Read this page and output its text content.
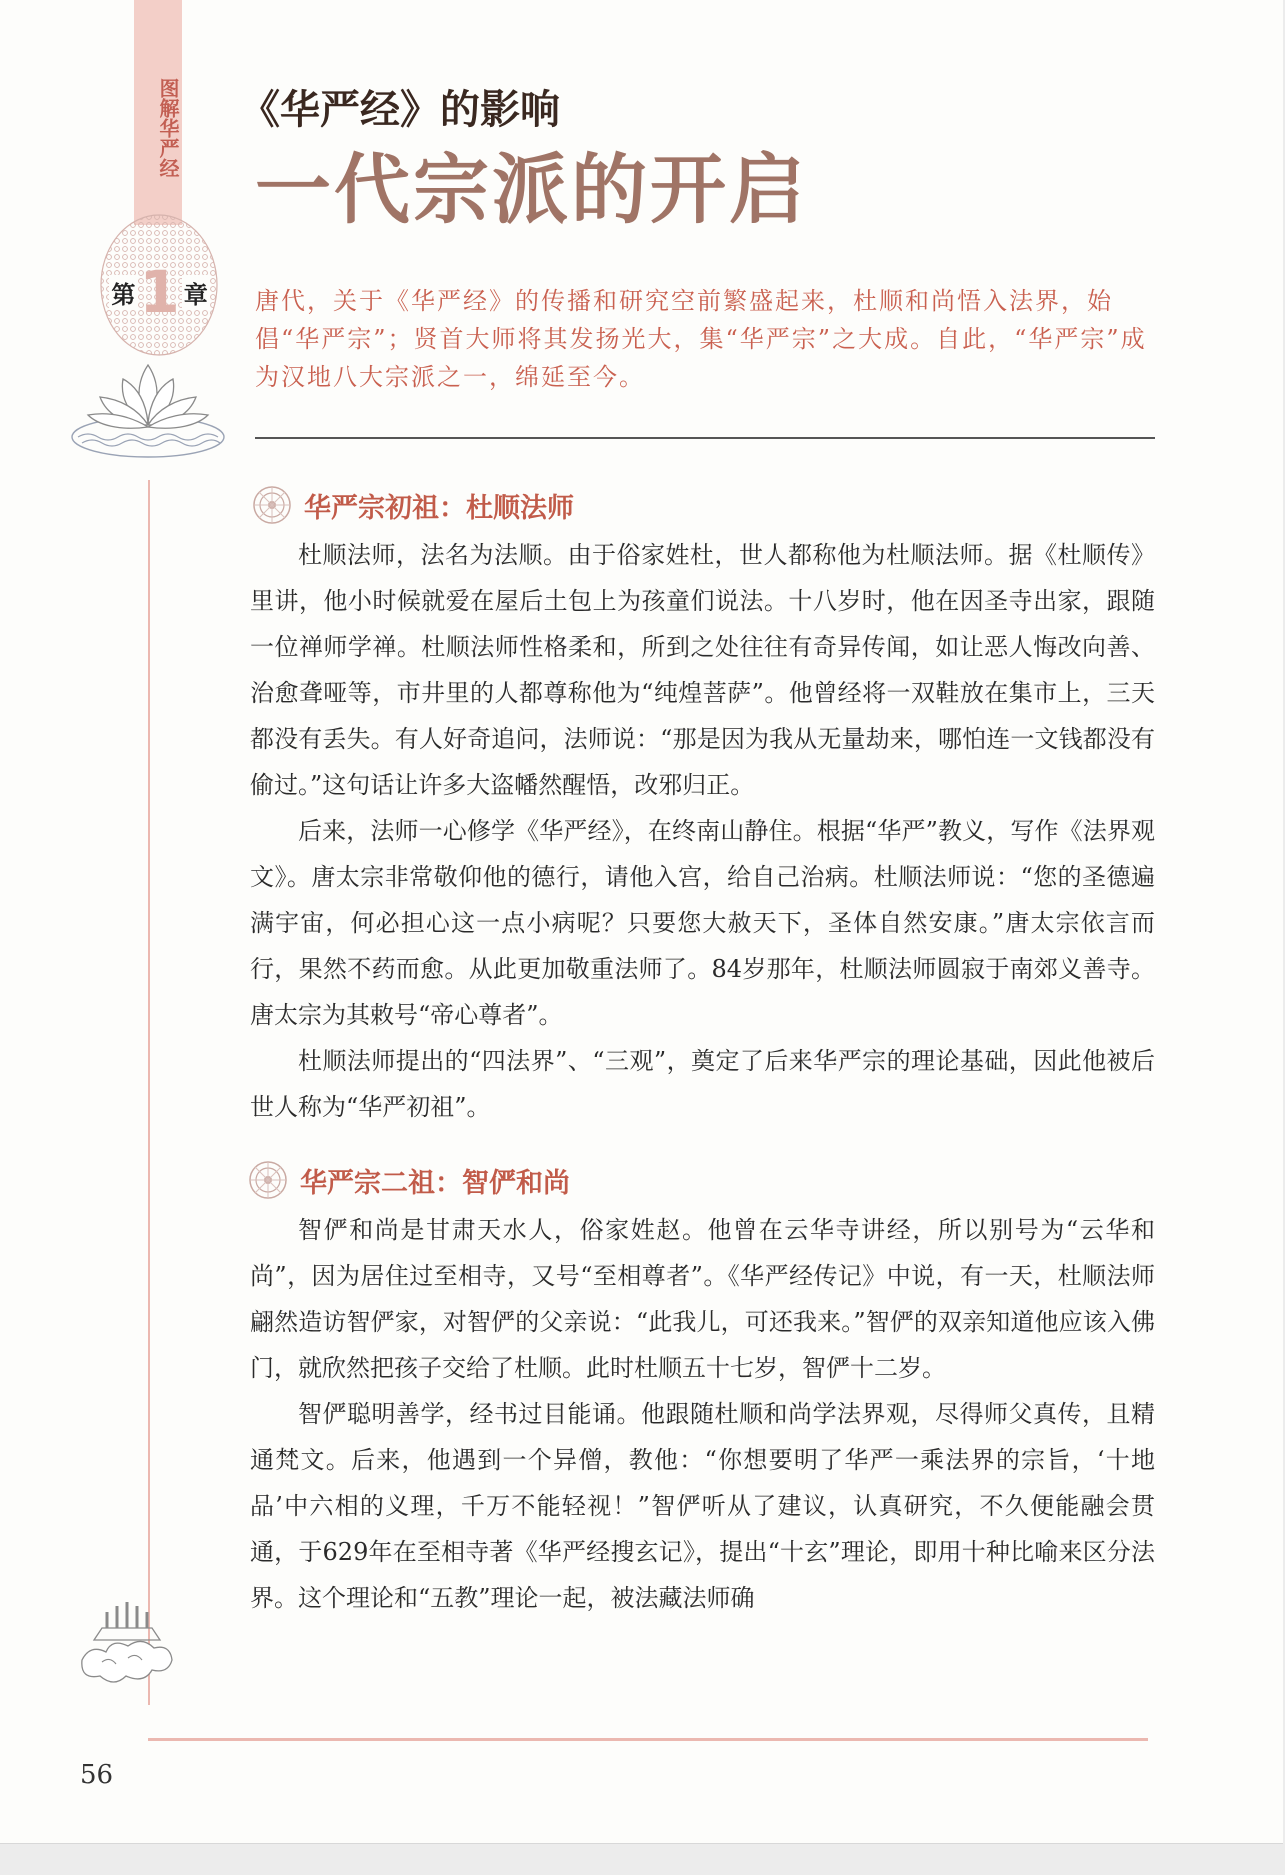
图解华严经
第 1 章
《华严经》的影响
一代宗派的开启

唐代，关于《华严经》的传播和研究空前繁盛起来，杜顺和尚悟入法界，始倡“华严宗”；贤首大师将其发扬光大，集“华严宗”之大成。自此，“华严宗”成为汉地八大宗派之一，绵延至今。

华严宗初祖：杜顺法师

杜顺法师，法名为法顺。由于俗家姓杜，世人都称他为杜顺法师。据《杜顺传》里讲，他小时候就爱在屋后土包上为孩童们说法。十八岁时，他在因圣寺出家，跟随一位禅师学禅。杜顺法师性格柔和，所到之处往往有奇异传闻，如让恶人悔改向善、治愈聋哑等，市井里的人都尊称他为“纯煌菩萨”。他曾经将一双鞋放在集市上，三天都没有丢失。有人好奇追问，法师说：“那是因为我从无量劫来，哪怕连一文钱都没有偷过。”这句话让许多大盗幡然醒悟，改邪归正。

后来，法师一心修学《华严经》，在终南山静住。根据“华严”教义，写作《法界观文》。唐太宗非常敬仰他的德行，请他入宫，给自己治病。杜顺法师说：“您的圣德遍满宇宙，何必担心这一点小病呢？只要您大赦天下，圣体自然安康。”唐太宗依言而行，果然不药而愈。从此更加敬重法师了。84岁那年，杜顺法师圆寂于南郊义善寺。唐太宗为其敕号“帝心尊者”。

杜顺法师提出的“四法界”、“三观”，奠定了后来华严宗的理论基础，因此他被后世人称为“华严初祖”。

华严宗二祖：智俨和尚

智俨和尚是甘肃天水人，俗家姓赵。他曾在云华寺讲经，所以别号为“云华和尚”，因为居住过至相寺，又号“至相尊者”。《华严经传记》中说，有一天，杜顺法师翩然造访智俨家，对智俨的父亲说：“此我儿，可还我来。”智俨的双亲知道他应该入佛门，就欣然把孩子交给了杜顺。此时杜顺五十七岁，智俨十二岁。

智俨聪明善学，经书过目能诵。他跟随杜顺和尚学法界观，尽得师父真传，且精通梵文。后来，他遇到一个异僧，教他：“你想要明了华严一乘法界的宗旨，‘十地品’中六相的义理，千万不能轻视！”智俨听从了建议，认真研究，不久便能融会贯通，于629年在至相寺著《华严经搜玄记》，提出“十玄”理论，即用十种比喻来区分法界。这个理论和“五教”理论一起，被法藏法师确

56
